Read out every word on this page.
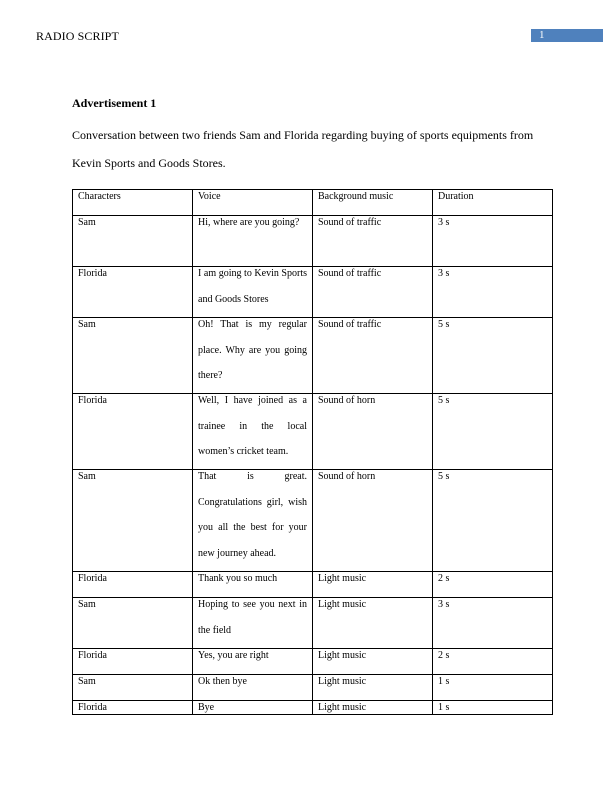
RADIO SCRIPT	1
Advertisement 1

Conversation between two friends Sam and Florida regarding buying of sports equipments from Kevin Sports and Goods Stores.

Characters	Voice	Background music	Duration

Sam	Hi, where are you going?	Sound of traffic	3 s

Florida	I am going to Kevin Sports and Goods Stores	Sound of traffic	3 s

Sam	Oh! That is my regular place. Why are you going there?	Sound of traffic	5 s

Florida	Well, I have joined as a trainee in the local women’s cricket team.	Sound of horn	5 s

Sam	That is great. Congratulations girl, wish you all the best for your new journey ahead.	Sound of horn	5 s

Florida	Thank you so much	Light music	2 s

Sam	Hoping to see you next in the field	Light music	3 s

Florida	Yes, you are right	Light music	2 s

Sam	Ok then bye	Light music	1 s

Florida	Bye	Light music	1 s
